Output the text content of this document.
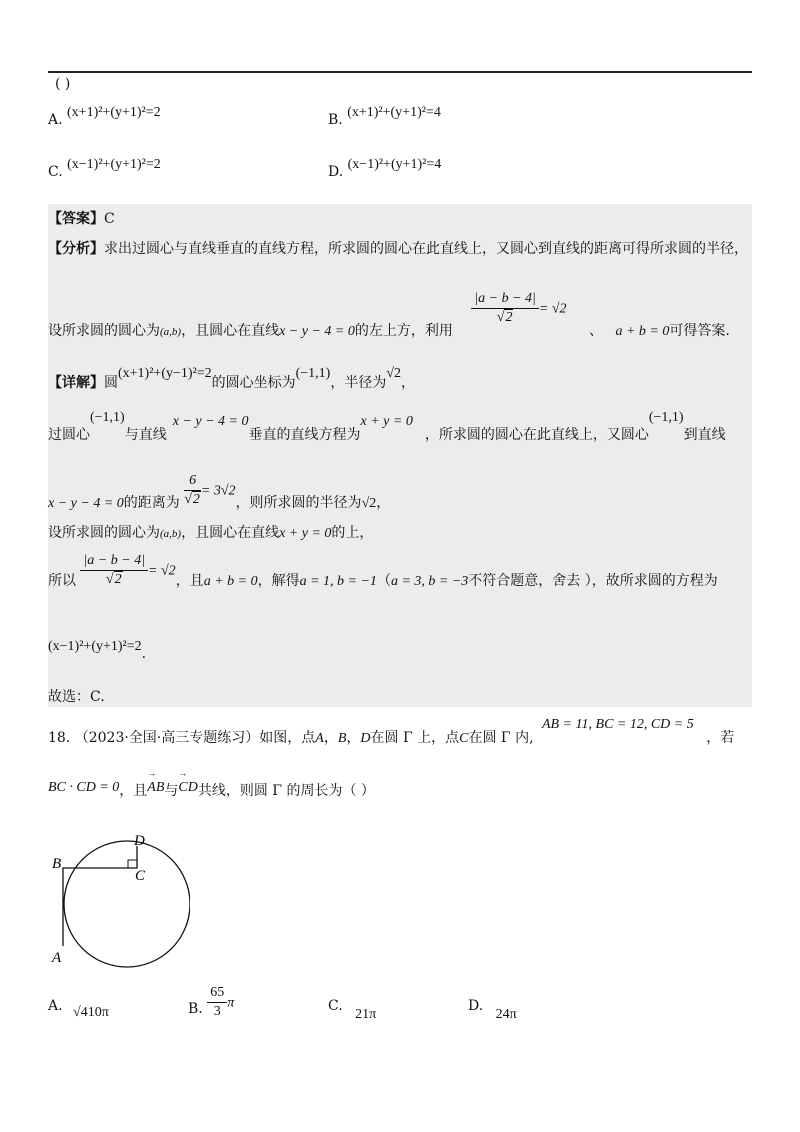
( )
A. (x+1)²+(y+1)²=2	B. (x+1)²+(y+1)²=4
C. (x−1)²+(y+1)²=2	D. (x−1)²+(y+1)²=4
【答案】C
【分析】求出过圆心与直线垂直的直线方程，所求圆的圆心在此直线上，又圆心到直线的距离可得所求圆的半径，
设所求圆的圆心为$_{(a,b)}$，且圆心在直线x − y − 4 = 0的左上方，利用
$\frac{|a - b - 4|}{√2} = √2$ 、 a + b = 0可得答案.
【详解】圆(x+1)²+(y−1)²=2的圆心坐标为(−1,1)，半径为√2，
过圆心(−1,1)与直线x − y − 4 = 0垂直的直线方程为x + y = 0，所求圆的圆心在此直线上，又圆心(−1,1)到直线
x − y − 4 = 0的距离为 $\frac{6}{√2} = 3√2$，则所求圆的半径为√2，
设所求圆的圆心为(a,b)，且圆心在直线x + y = 0的上，
所以 $\frac{|a - b - 4|}{√2} = √2$，且a + b = 0，解得a = 1, b = −1（a = 3, b = −3不符合题意，舍去 ），故所求圆的方程为
(x−1)²+(y+1)²=2.
故选：C.
18. （2023·全国·高三专题练习）如图，点A，B，D在圆 Γ 上，点C在圆 Γ 内, AB = 11, BC = 12, CD = 5 ，若
BC · CD = 0，且→ AB与→ CD共线，则圆 Γ 的周长为（ ）
D
B
C
A
A. √410π	B. $\frac{65}{3}$ π	C. 21π
D. 24π
